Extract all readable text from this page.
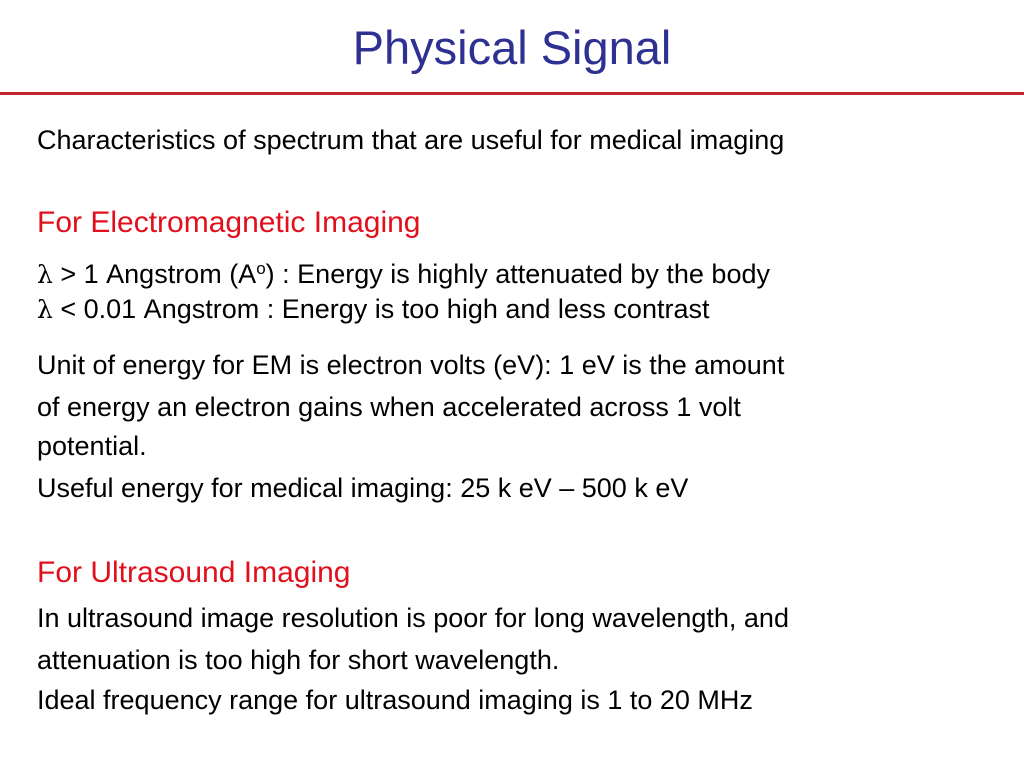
Physical Signal
Characteristics of spectrum that are useful for medical imaging
For Electromagnetic Imaging
λ > 1 Angstrom $(A^o)$ : Energy is highly attenuated by the body
λ < 0.01 Angstrom : Energy is too high and less contrast
Unit of energy for EM is electron volts (eV): 1 eV is the amount
of energy an electron gains when accelerated across 1 volt
potential.
Useful energy for medical imaging: 25 k eV – 500 k eV
For Ultrasound Imaging
In ultrasound image resolution is poor for long wavelength, and
attenuation is too high for short wavelength.
Ideal frequency range for ultrasound imaging is 1 to 20 MHz
